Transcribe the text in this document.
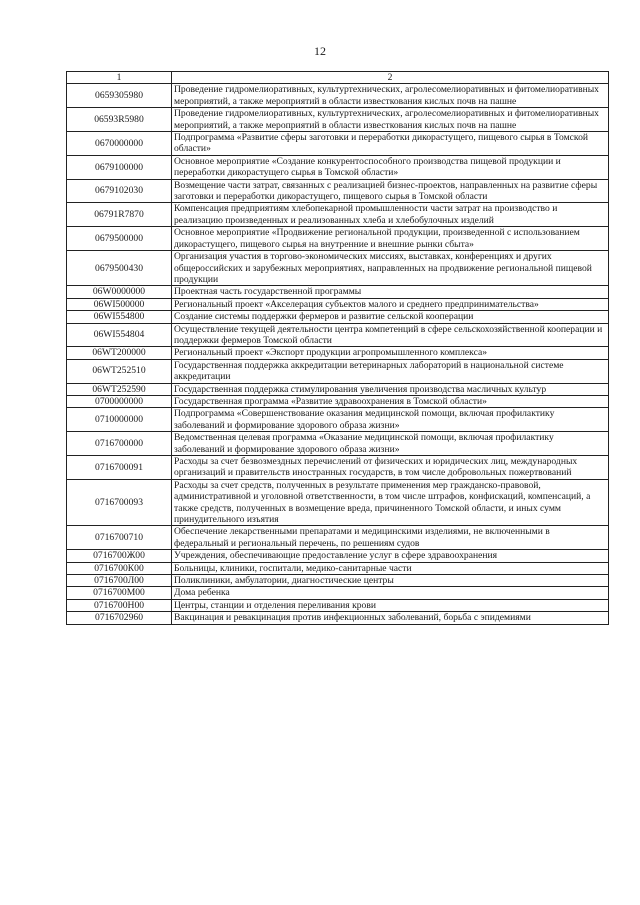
12
1	2
0659305980	Проведение гидромелиоративных, культуртехнических, агролесомелиоративных и фитомелиоративных мероприятий, а также мероприятий в области известкования кислых почв на пашне
06593R5980	Проведение гидромелиоративных, культуртехнических, агролесомелиоративных и фитомелиоративных мероприятий, а также мероприятий в области известкования кислых почв на пашне
0670000000	Подпрограмма «Развитие сферы заготовки и переработки дикорастущего, пищевого сырья в Томской области»
0679100000	Основное мероприятие «Создание конкурентоспособного производства пищевой продукции и переработки дикорастущего сырья в Томской области»
0679102030	Возмещение части затрат, связанных с реализацией бизнес-проектов, направленных на развитие сферы заготовки и переработки дикорастущего, пищевого сырья в Томской области
06791R7870	Компенсация предприятиям хлебопекарной промышленности части затрат на производство и реализацию произведенных и реализованных хлеба и хлебобулочных изделий
0679500000	Основное мероприятие «Продвижение региональной продукции, произведенной с использованием дикорастущего, пищевого сырья на внутренние и внешние рынки сбыта»
0679500430	Организация участия в торгово-экономических миссиях, выставках, конференциях и других общероссийских и зарубежных мероприятиях, направленных на продвижение региональной пищевой продукции
06W0000000	Проектная часть государственной программы
06WI500000	Региональный проект «Акселерация субъектов малого и среднего предпринимательства»
06WI554800	Создание системы поддержки фермеров и развитие сельской кооперации
06WI554804	Осуществление текущей деятельности центра компетенций в сфере сельскохозяйственной кооперации и поддержки фермеров Томской области
06WT200000	Региональный проект «Экспорт продукции агропромышленного комплекса»
06WT252510	Государственная поддержка аккредитации ветеринарных лабораторий в национальной системе аккредитации
06WT252590	Государственная поддержка стимулирования увеличения производства масличных культур
0700000000	Государственная программа «Развитие здравоохранения в Томской области»
0710000000	Подпрограмма «Совершенствование оказания медицинской помощи, включая профилактику заболеваний и формирование здорового образа жизни»
0716700000	Ведомственная целевая программа «Оказание медицинской помощи, включая профилактику заболеваний и формирование здорового образа жизни»
0716700091	Расходы за счет безвозмездных перечислений от физических и юридических лиц, международных организаций и правительств иностранных государств, в том числе добровольных пожертвований
0716700093	Расходы за счет средств, полученных в результате применения мер гражданско-правовой, административной и уголовной ответственности, в том числе штрафов, конфискаций, компенсаций, а также средств, полученных в возмещение вреда, причиненного Томской области, и иных сумм принудительного изъятия
0716700710	Обеспечение лекарственными препаратами и медицинскими изделиями, не включенными в федеральный и региональный перечень, по решениям судов
0716700Ж00	Учреждения, обеспечивающие предоставление услуг в сфере здравоохранения
0716700К00	Больницы, клиники, госпитали, медико-санитарные части
0716700Л00	Поликлиники, амбулатории, диагностические центры
0716700М00	Дома ребенка
0716700Н00	Центры, станции и отделения переливания крови
0716702960	Вакцинация и ревакцинация против инфекционных заболеваний, борьба с эпидемиями
